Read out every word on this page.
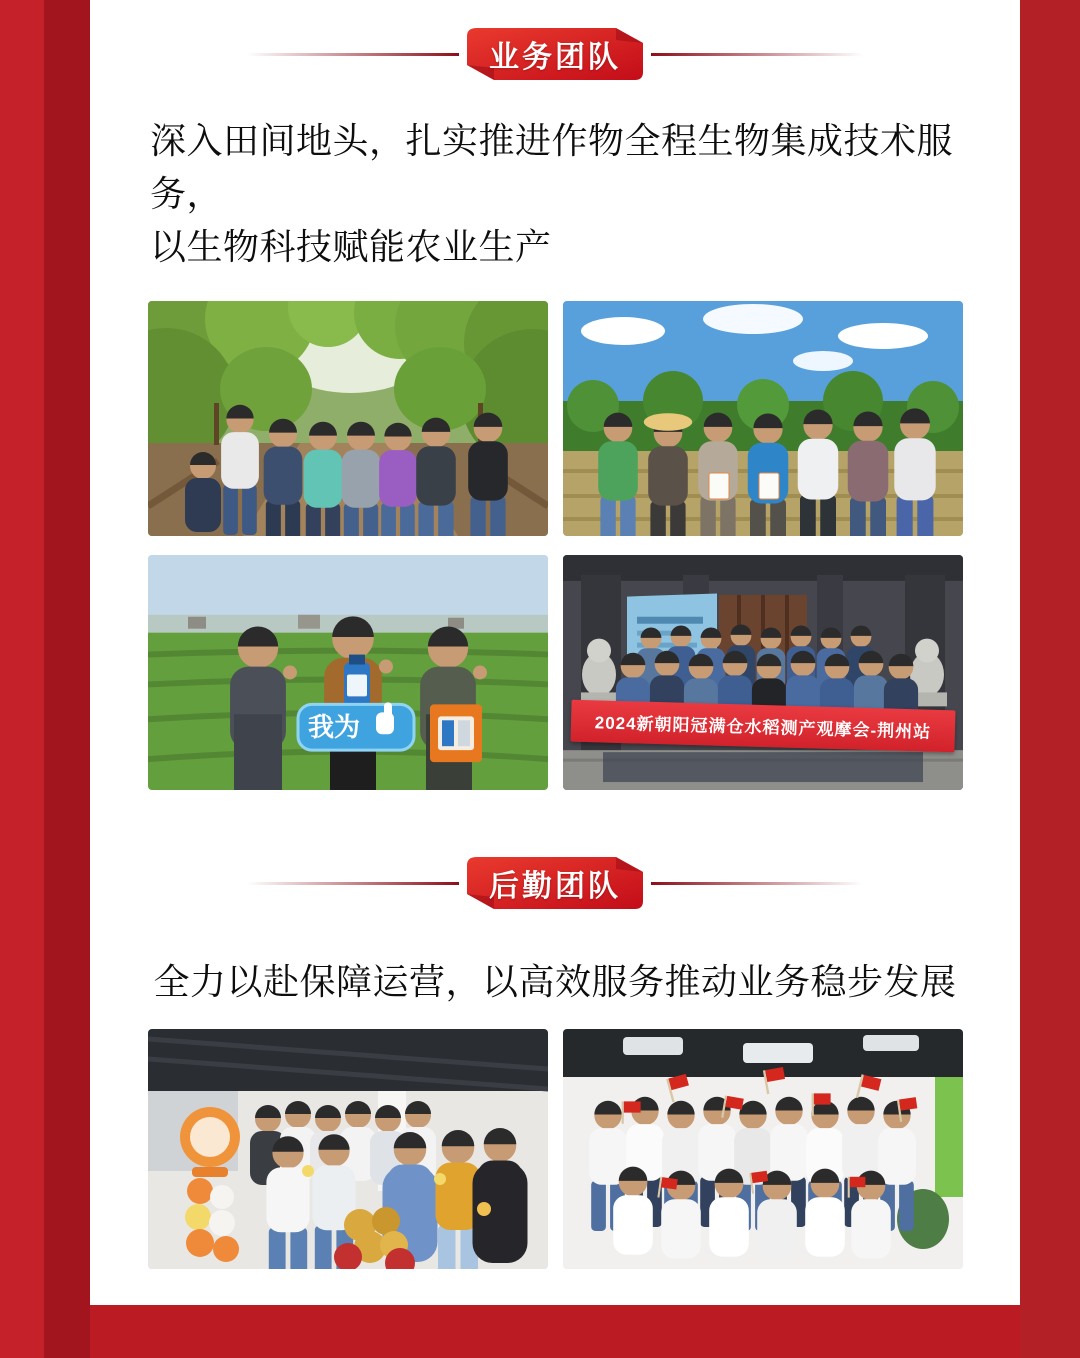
业务团队
深入田间地头，扎实推进作物全程生物集成技术服务，
以生物科技赋能农业生产
我为	2024新朝阳冠满仓水稻测产观摩会-荆州站
后勤团队
全力以赴保障运营，以高效服务推动业务稳步发展
